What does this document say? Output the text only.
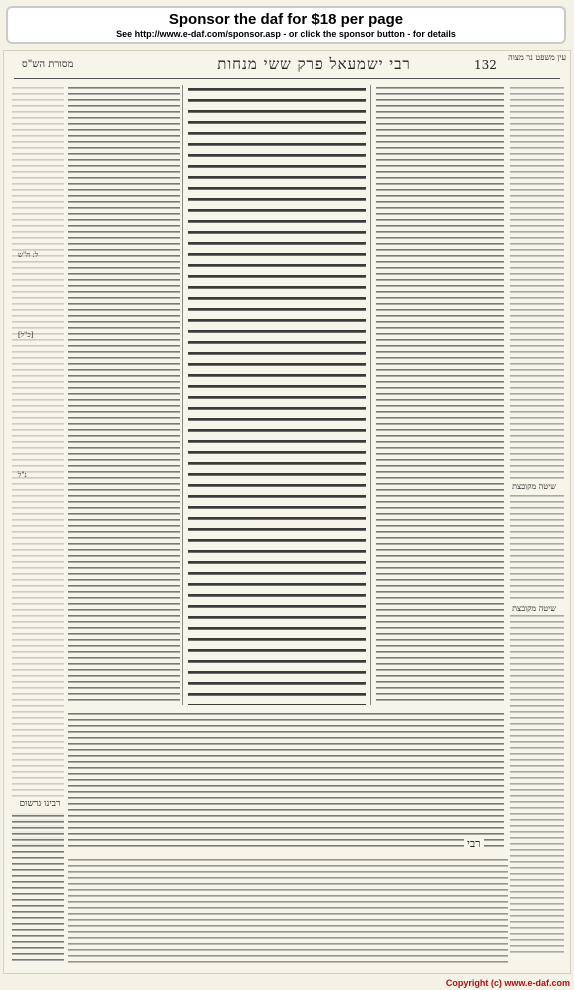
Sponsor the daf for $18 per page
See http://www.e-daf.com/sponsor.asp - or click the sponsor button - for details
מסורת הש"ס	רבי ישמעאל פרק ששי מנחות	132
עין משפט נר מצוה
ל: ח"ש
[כ"ל]
נ"ל
שיטה מקובצת
שיטה מקובצת
רבינו גרשום
רבי
Copyright (c) www.e-daf.com
